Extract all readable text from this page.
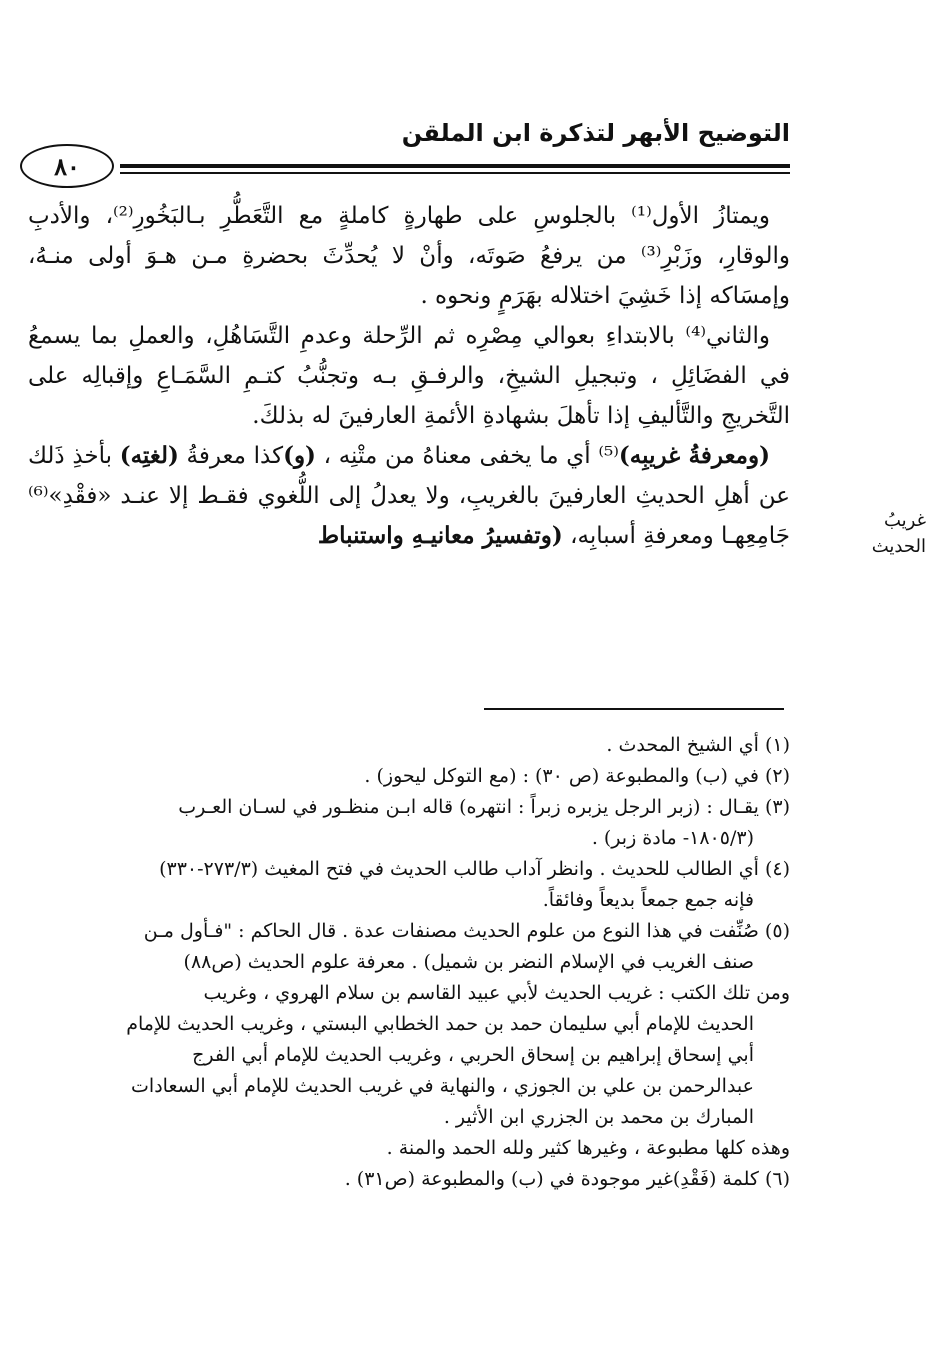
التوضيح الأبهر لتذكرة ابن الملقن
٨٠

ويمتازُ الأول⁽¹⁾ بالجلوسِ على طهارةٍ كاملةٍ مع التَّعَطُّرِ بـالبَخُورِ⁽²⁾، والأدبِ والوقارِ، وزَبْرِ⁽³⁾ من يرفعُ صَوتَه، وأنْ لا يُحدِّثَ بحضرةِ مـن هـوَ أولى منـهُ، وإمسَاكه إذا خَشِيَ اختلاله بهَرَمٍ ونحوه .

والثاني⁽⁴⁾ بالابتداءِ بعوالي مِصْرِه ثم الرِّحلة وعدمِ التَّسَاهُلِ، والعملِ بما يسمعُ في الفضَائِلِ ، وتبجيلِ الشيخِ، والرفـقِ بـه وتجنُّبُ كتـمِ السَّمَـاعِ وإقبالِه على التَّخريجِ والتَّأليفِ إذا تأهلَ بشهادةِ الأئمةِ العارفينَ له بذلكَ.

(ومعرفةُ غريبِه)⁽⁵⁾ أي ما يخفى معناهُ من متْنِه ، (و)كذا معرفةُ (لغتِه) بأخذِ ذَلك عن أهلِ الحديثِ العارفينَ بالغريبِ، ولا يعدلُ إلى اللُّغوي فقـط إلا عنـد «فقْدِ»⁽⁶⁾ جَامِعِهـا ومعرفةِ أسبابِه، (وتفسيرُ معانيـهِ واستنباط

غريبُ الحديث

(١) أي الشيخ المحدث .

(٢) في (ب) والمطبوعة (ص ٣٠) : (مع التوكل ليحوز) .

(٣) يقـال : (زبر الرجل يزبره زبراً : انتهره) قاله ابـن منظـور في لسـان العـرب

(١٨٠٥/٣- مادة زبر) .

(٤) أي الطالب للحديث . وانظر آداب طالب الحديث في فتح المغيث (٢٧٣/٣-٣٣٠)

فإنه جمع جمعاً بديعاً وفائقاً.

(٥) صُنِّفت في هذا النوع من علوم الحديث مصنفات عدة . قال الحاكم : "فـأول مـن

صنف الغريب في الإسلام النضر بن شميل) . معرفة علوم الحديث (ص٨٨)

ومن تلك الكتب : غريب الحديث لأبي عبيد القاسم بن سلام الهروي ، وغريب

الحديث للإمام أبي سليمان حمد بن حمد الخطابي البستي ، وغريب الحديث للإمام

أبي إسحاق إبراهيم بن إسحاق الحربي ، وغريب الحديث للإمام أبي الفرج

عبدالرحمن بن علي بن الجوزي ، والنهاية في غريب الحديث للإمام أبي السعادات

المبارك بن محمد بن الجزري ابن الأثير .

وهذه كلها مطبوعة ، وغيرها كثير ولله الحمد والمنة .

(٦) كلمة (فَقْدِ)غير موجودة في (ب) والمطبوعة (ص٣١) .
